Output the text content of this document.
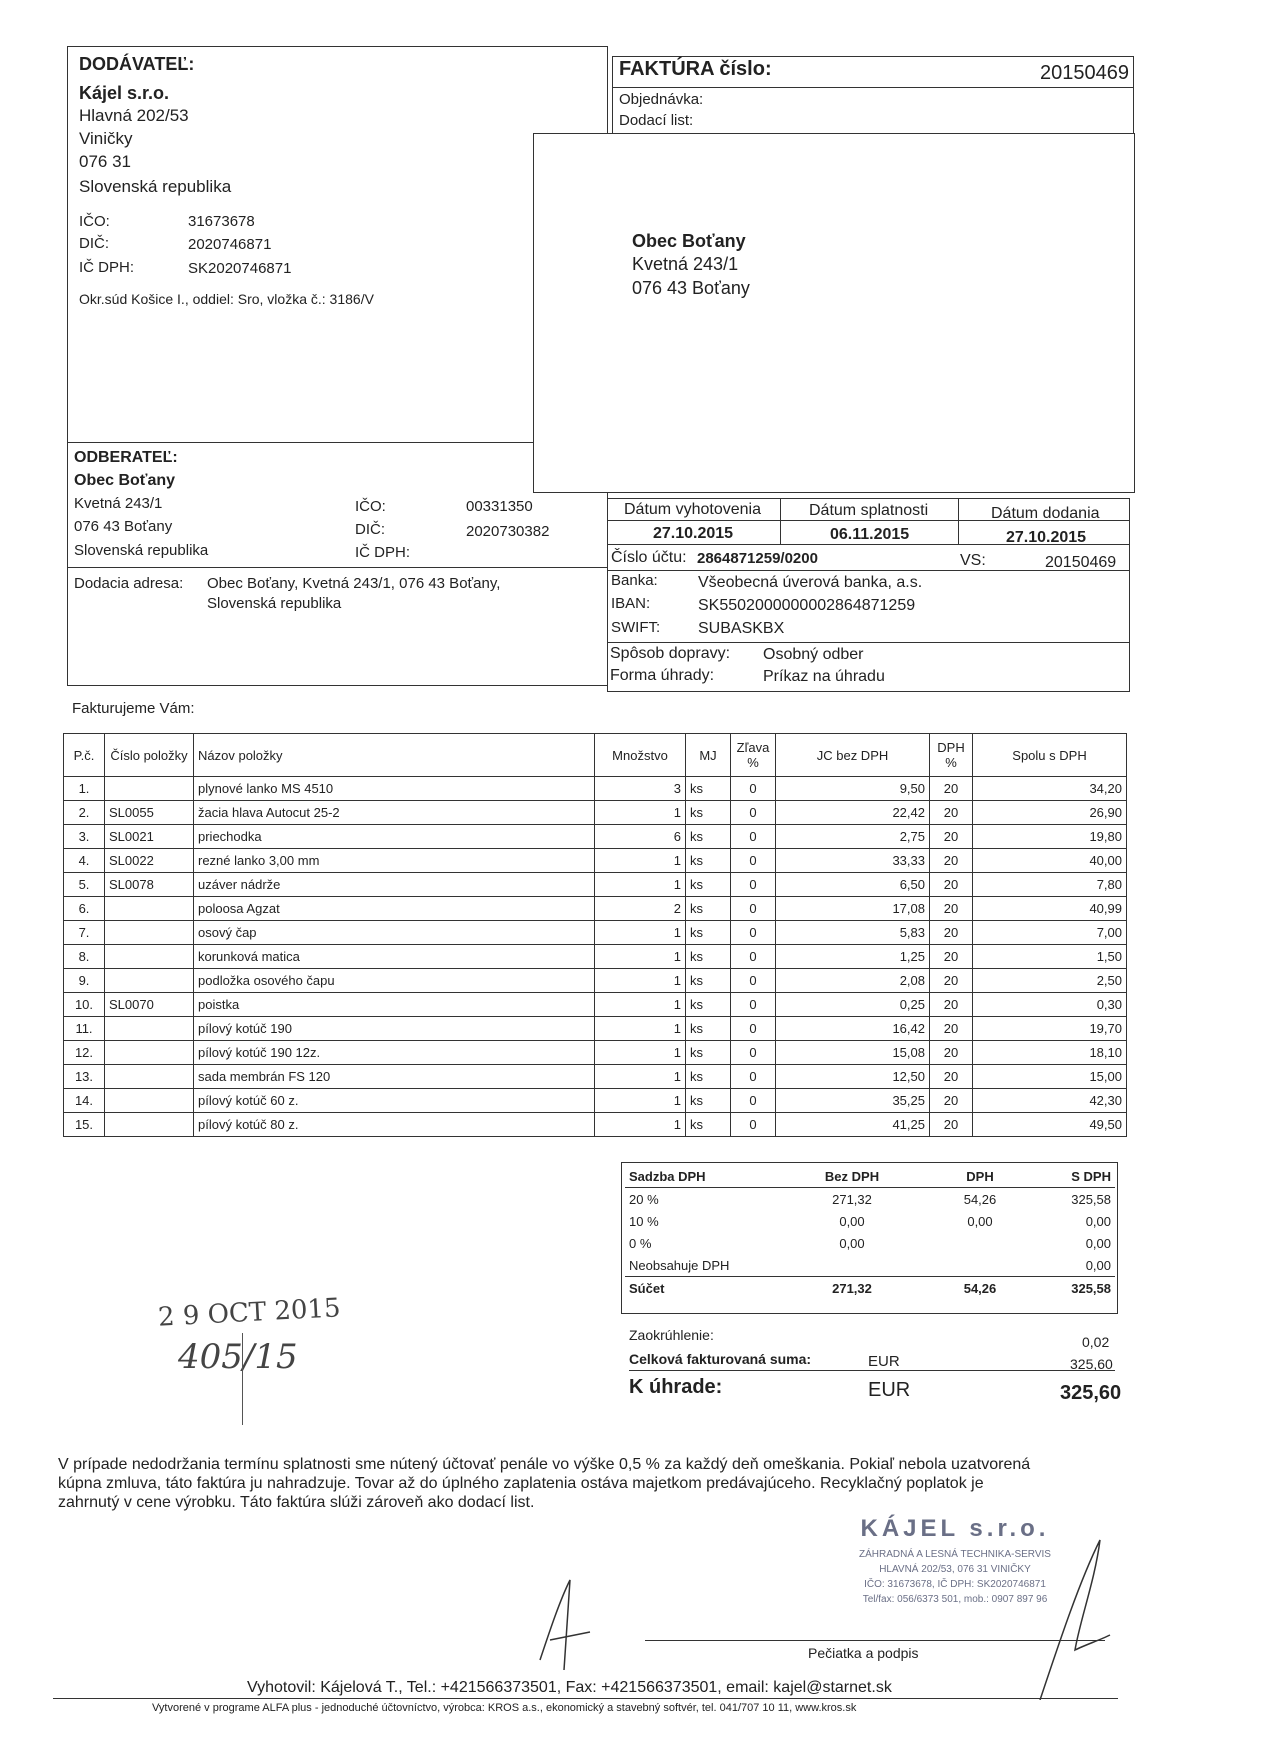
DODÁVATEĽ:
Kájel s.r.o.
Hlavná 202/53
Viničky
076 31
Slovenská republika
IČO:	31673678
DIČ:	2020746871
IČ DPH:	SK2020746871
Okr.súd Košice I., oddiel: Sro, vložka č.: 3186/V
FAKTÚRA číslo:	20150469
Objednávka:
Dodací list:
Obec Boťany
Kvetná 243/1
076 43 Boťany
ODBERATEĽ:
Obec Boťany
Kvetná 243/1
076 43 Boťany
Slovenská republika
IČO:	00331350
DIČ:	2020730382
IČ DPH:
Dodacia adresa: Obec Boťany, Kvetná 243/1, 076 43 Boťany,
Slovenská republika
Dátum vyhotovenia	Dátum splatnosti	Dátum dodania
27.10.2015	06.11.2015	27.10.2015
Číslo účtu: 2864871259/0200	VS:	20150469
Banka:	Všeobecná úverová banka, a.s.
IBAN:	SK5502000000002864871259
SWIFT: SUBASKBX
Spôsob dopravy: Osobný odber
Forma úhrady:	Príkaz na úhradu
Fakturujeme Vám:
P.č.	Číslo položky	Názov položky	Množstvo	MJ	Zľava %	JC bez DPH	DPH %	Spolu s DPH
1.		plynové lanko MS 4510	3	ks	0	9,50	20	34,20
2.	SL0055	žacia hlava Autocut 25-2	1	ks	0	22,42	20	26,90
3.	SL0021	priechodka	6	ks	0	2,75	20	19,80
4.	SL0022	rezné lanko 3,00 mm	1	ks	0	33,33	20	40,00
5.	SL0078	uzáver nádrže	1	ks	0	6,50	20	7,80
6.		poloosa Agzat	2	ks	0	17,08	20	40,99
7.		osový čap	1	ks	0	5,83	20	7,00
8.		korunková matica	1	ks	0	1,25	20	1,50
9.		podložka osového čapu	1	ks	0	2,08	20	2,50
10.	SL0070	poistka	1	ks	0	0,25	20	0,30
11.		pílový kotúč 190	1	ks	0	16,42	20	19,70
12.		pílový kotúč 190 12z.	1	ks	0	15,08	20	18,10
13.		sada membrán FS 120	1	ks	0	12,50	20	15,00
14.		pílový kotúč 60 z.	1	ks	0	35,25	20	42,30
15.		pílový kotúč 80 z.	1	ks	0	41,25	20	49,50
Sadzba DPH	Bez DPH	DPH	S DPH
20 %	271,32	54,26	325,58
10 %	0,00	0,00	0,00
0 %	0,00		0,00
Neobsahuje DPH			0,00
Súčet	271,32	54,26	325,58
Zaokrúhlenie:	0,02
Celková fakturovaná suma:	EUR	325,60
K úhrade:	EUR	325,60
2 9 OCT 2015
405/15
V prípade nedodržania termínu splatnosti sme nútený účtovať penále vo výške 0,5 % za každý deň omeškania. Pokiaľ nebola uzatvorená
kúpna zmluva, táto faktúra ju nahradzuje. Tovar až do úplného zaplatenia ostáva majetkom predávajúceho. Recyklačný poplatok je
zahrnutý v cene výrobku. Táto faktúra slúži zároveň ako dodací list.
KÁJEL s.r.o.
ZÁHRADNÁ A LESNÁ TECHNIKA-SERVIS
HLAVNÁ 202/53, 076 31 VINIČKY
IČO: 31673678, IČ DPH: SK2020746871
Tel/fax: 056/6373 501, mob.: 0907 897 96
Pečiatka a podpis
Vyhotovil: Kájelová T., Tel.: +421566373501, Fax: +421566373501, email: kajel@starnet.sk
Vytvorené v programe ALFA plus - jednoduché účtovníctvo, výrobca: KROS a.s., ekonomický a stavebný softvér, tel. 041/707 10 11, www.kros.sk
